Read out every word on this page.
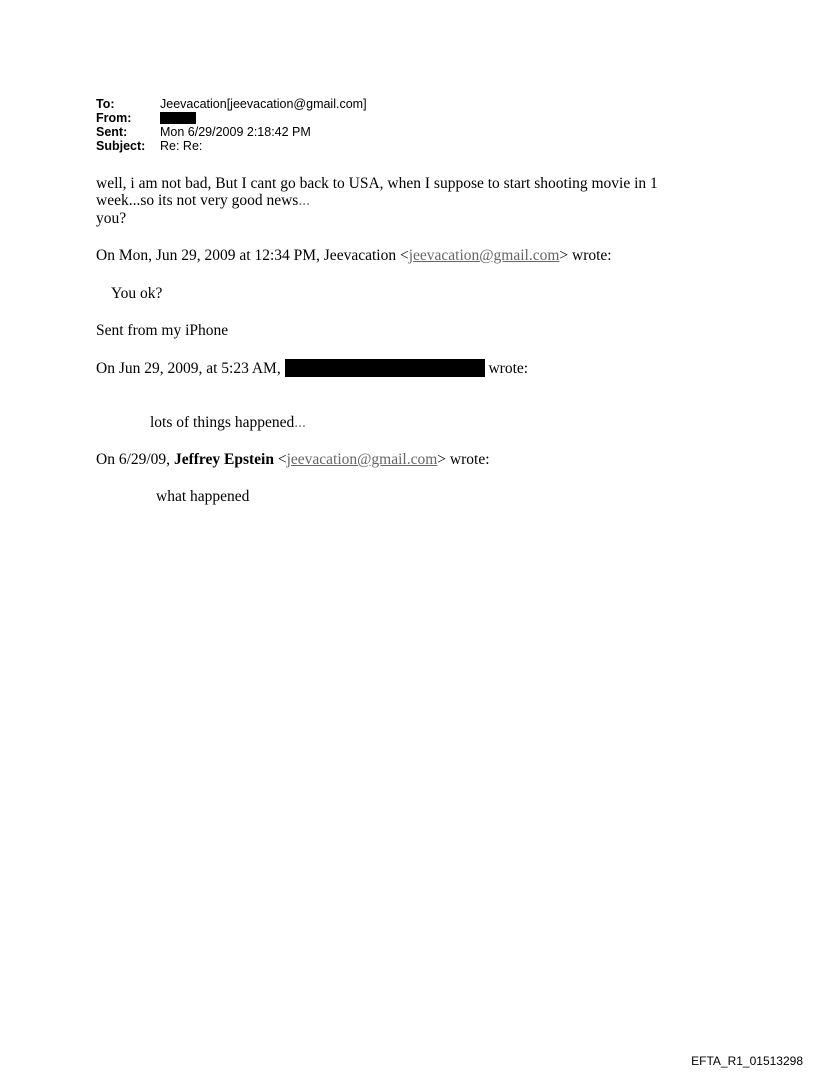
To:	Jeevacation[jeevacation@gmail.com]
From:
Sent:	Mon 6/29/2009 2:18:42 PM
Subject:	Re: Re:

well, i am not bad, But I cant go back to USA, when I suppose to start shooting movie in 1

week...so its not very good news...

you?

On Mon, Jun 29, 2009 at 12:34 PM, Jeevacation <jeevacation@gmail.com> wrote:

You ok?

Sent from my iPhone

On Jun 29, 2009, at 5:23 AM,	wrote:

lots of things happened...

On 6/29/09, Jeffrey Epstein <jeevacation@gmail.com> wrote:

what happened

EFTA_R1_01513298
